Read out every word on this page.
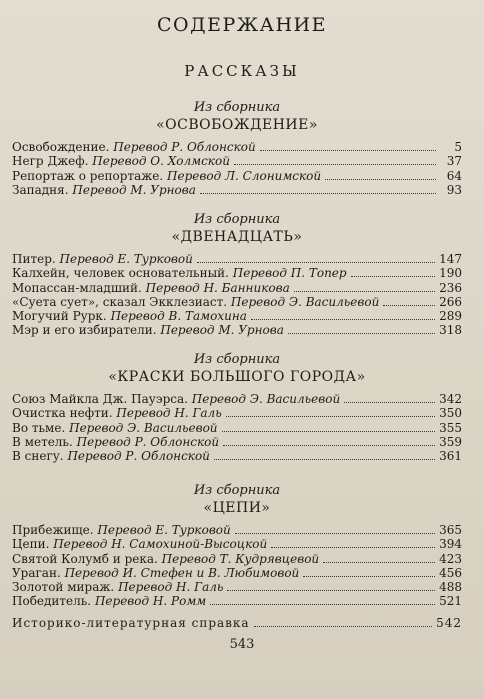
СОДЕРЖАНИЕ
РАССКАЗЫ
Из сборника
«ОСВОБОЖДЕНИЕ»
Освобождение. Перевод Р. Облонской	5
Негр Джеф. Перевод О. Холмской	37
Репортаж о репортаже. Перевод Л. Слонимской	64
Западня. Перевод М. Урнова	93
Из сборника
«ДВЕНАДЦАТЬ»
Питер. Перевод Е. Турковой	147
Калхейн, человек основательный. Перевод П. Топер	190
Мопассан-младший. Перевод Н. Банникова	236
«Суета сует», сказал Экклезиаст. Перевод Э. Васильевой	266
Могучий Рурк. Перевод В. Тамохина	289
Мэр и его избиратели. Перевод М. Урнова	318
Из сборника
«КРАСКИ БОЛЬШОГО ГОРОДА»
Союз Майкла Дж. Пауэрса. Перевод Э. Васильевой	342
Очистка нефти. Перевод Н. Галь	350
Во тьме. Перевод Э. Васильевой	355
В метель. Перевод Р. Облонской	359
В снегу. Перевод Р. Облонской	361
Из сборника
«ЦЕПИ»
Прибежище. Перевод Е. Турковой	365
Цепи. Перевод Н. Самохиной-Высоцкой	394
Святой Колумб и река. Перевод Т. Кудрявцевой	423
Ураган. Перевод И. Стефен и В. Любимовой	456
Золотой мираж. Перевод Н. Галь	488
Победитель. Перевод Н. Ромм	521
Историко-литературная справка	542
543
